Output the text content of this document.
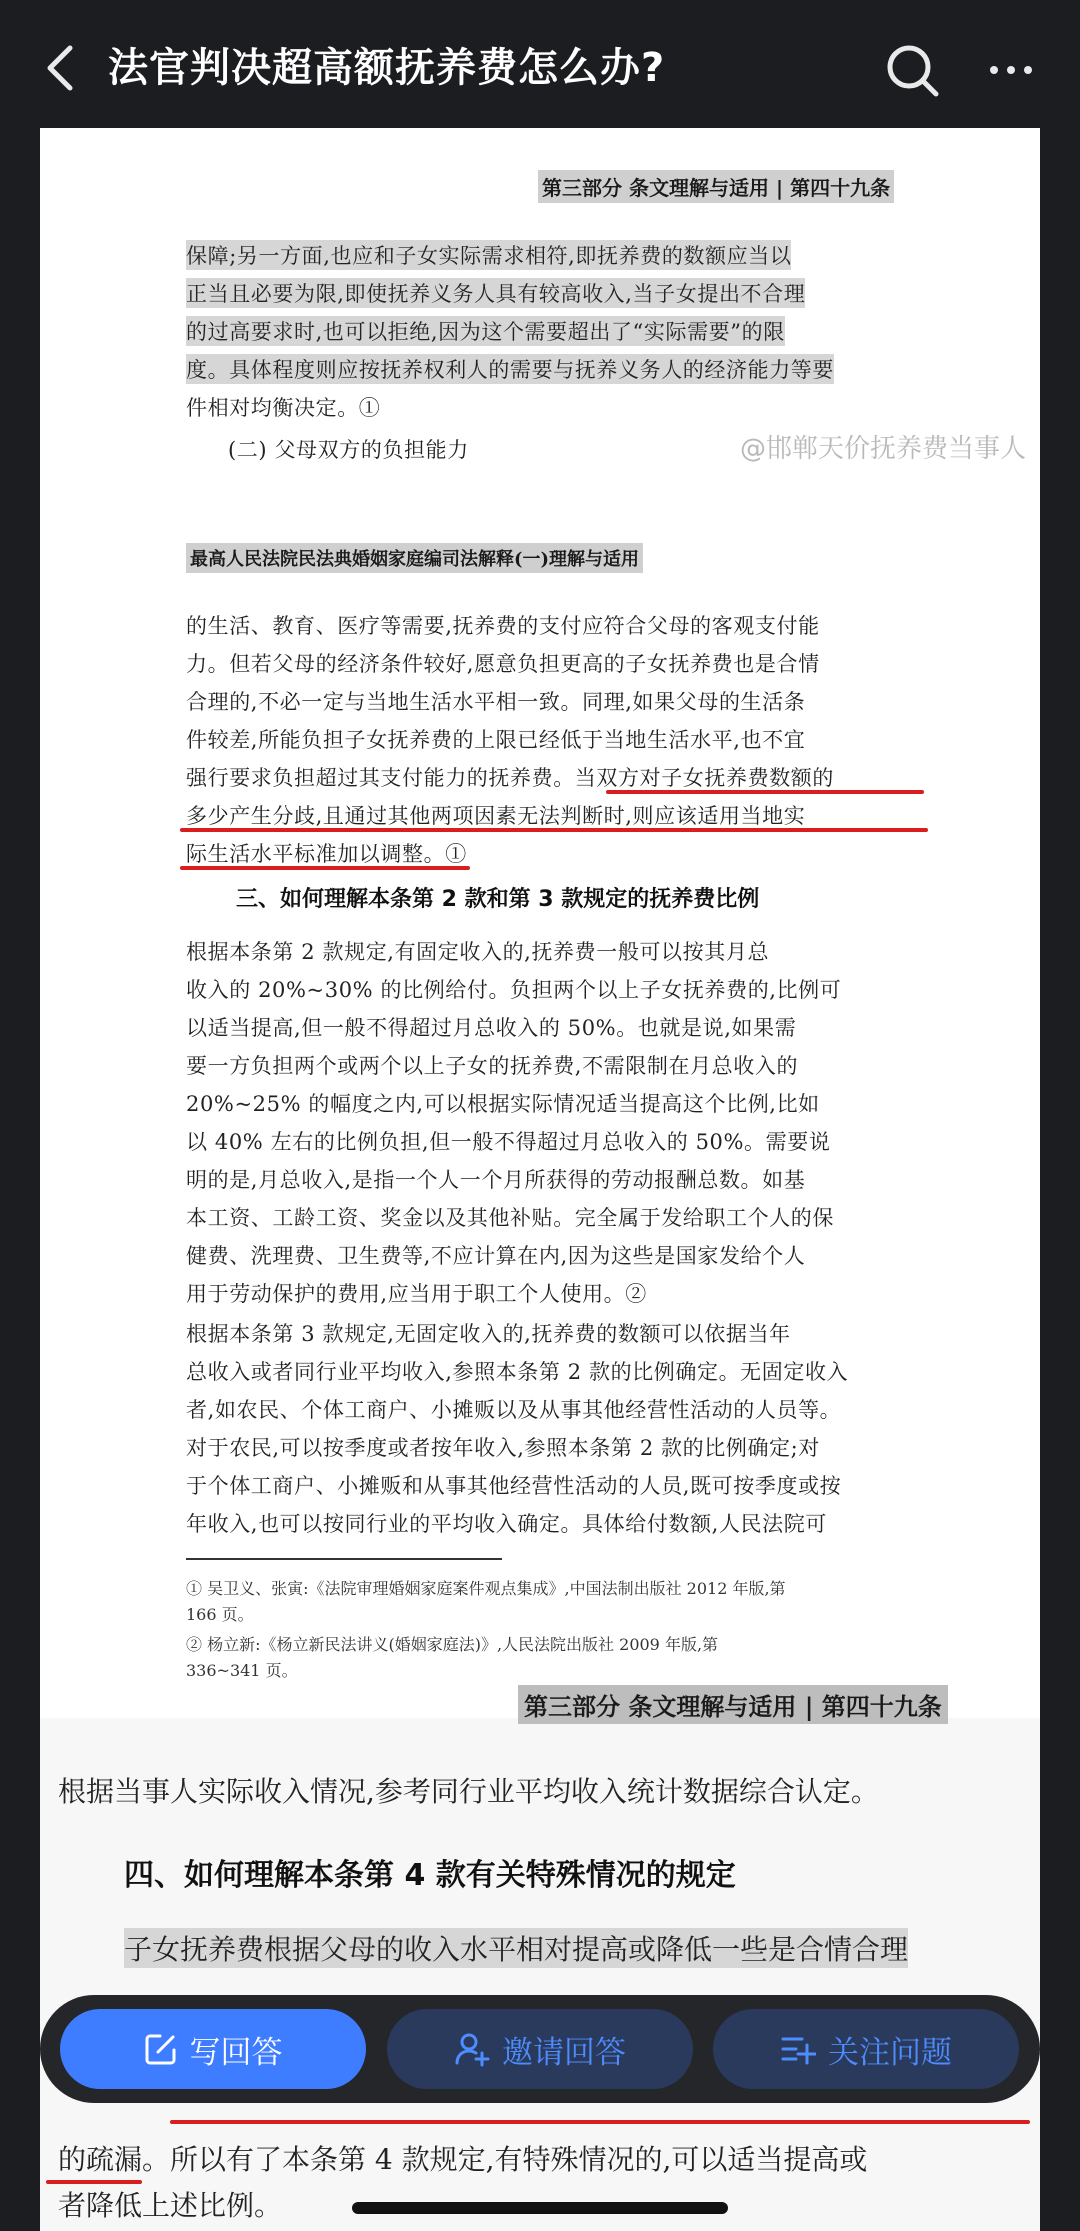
法官判决超高额抚养费怎么办?
第三部分 条文理解与适用 | 第四十九条
保障;另一方面,也应和子女实际需求相符,即抚养费的数额应当以
正当且必要为限,即使抚养义务人具有较高收入,当子女提出不合理
的过高要求时,也可以拒绝,因为这个需要超出了“实际需要”的限
度。具体程度则应按抚养权利人的需要与抚养义务人的经济能力等要
件相对均衡决定。①
(二) 父母双方的负担能力	@邯郸天价抚养费当事人
最高人民法院民法典婚姻家庭编司法解释(一)理解与适用
的生活、教育、医疗等需要,抚养费的支付应符合父母的客观支付能
力。但若父母的经济条件较好,愿意负担更高的子女抚养费也是合情
合理的,不必一定与当地生活水平相一致。同理,如果父母的生活条
件较差,所能负担子女抚养费的上限已经低于当地生活水平,也不宜
强行要求负担超过其支付能力的抚养费。当双方对子女抚养费数额的
多少产生分歧,且通过其他两项因素无法判断时,则应该适用当地实
际生活水平标准加以调整。①
三、如何理解本条第 2 款和第 3 款规定的抚养费比例
根据本条第 2 款规定,有固定收入的,抚养费一般可以按其月总
收入的 20%~30% 的比例给付。负担两个以上子女抚养费的,比例可
以适当提高,但一般不得超过月总收入的 50%。也就是说,如果需
要一方负担两个或两个以上子女的抚养费,不需限制在月总收入的
20%~25% 的幅度之内,可以根据实际情况适当提高这个比例,比如
以 40% 左右的比例负担,但一般不得超过月总收入的 50%。需要说
明的是,月总收入,是指一个人一个月所获得的劳动报酬总数。如基
本工资、工龄工资、奖金以及其他补贴。完全属于发给职工个人的保
健费、洗理费、卫生费等,不应计算在内,因为这些是国家发给个人
用于劳动保护的费用,应当用于职工个人使用。②
根据本条第 3 款规定,无固定收入的,抚养费的数额可以依据当年
总收入或者同行业平均收入,参照本条第 2 款的比例确定。无固定收入
者,如农民、个体工商户、小摊贩以及从事其他经营性活动的人员等。
对于农民,可以按季度或者按年收入,参照本条第 2 款的比例确定;对
于个体工商户、小摊贩和从事其他经营性活动的人员,既可按季度或按
年收入,也可以按同行业的平均收入确定。具体给付数额,人民法院可
① 吴卫义、张寅:《法院审理婚姻家庭案件观点集成》,中国法制出版社 2012 年版,第
166 页。
② 杨立新:《杨立新民法讲义(婚姻家庭法)》,人民法院出版社 2009 年版,第
336~341 页。
第三部分 条文理解与适用 | 第四十九条
根据当事人实际收入情况,参考同行业平均收入统计数据综合认定。
四、如何理解本条第 4 款有关特殊情况的规定
子女抚养费根据父母的收入水平相对提高或降低一些是合情合理
的疏漏。所以有了本条第 4 款规定,有特殊情况的,可以适当提高或
者降低上述比例。
写回答	邀请回答	关注问题
